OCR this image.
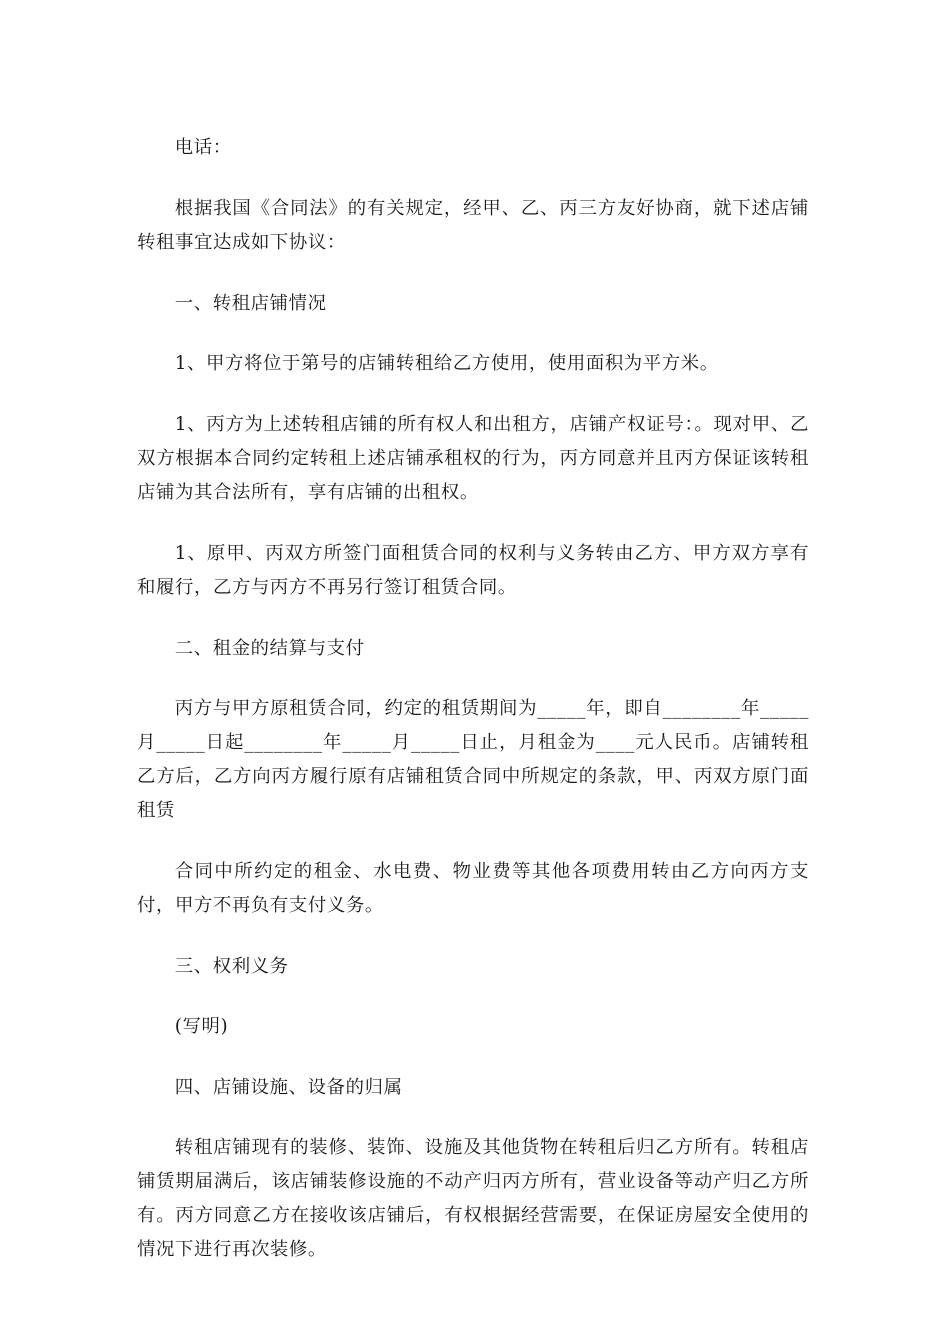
电话：

根据我国《合同法》的有关规定，经甲、乙、丙三方友好协商，就下述店铺转租事宜达成如下协议：

一、转租店铺情况

1、甲方将位于第号的店铺转租给乙方使用，使用面积为平方米。

1、丙方为上述转租店铺的所有权人和出租方，店铺产权证号：。现对甲、乙双方根据本合同约定转租上述店铺承租权的行为，丙方同意并且丙方保证该转租店铺为其合法所有，享有店铺的出租权。

1、原甲、丙双方所签门面租赁合同的权利与义务转由乙方、甲方双方享有和履行，乙方与丙方不再另行签订租赁合同。

二、租金的结算与支付

丙方与甲方原租赁合同，约定的租赁期间为_____年，即自________年_____月_____日起________年_____月_____日止，月租金为____元人民币。店铺转租乙方后，乙方向丙方履行原有店铺租赁合同中所规定的条款，甲、丙双方原门面租赁

合同中所约定的租金、水电费、物业费等其他各项费用转由乙方向丙方支付，甲方不再负有支付义务。

三、权利义务

(写明)

四、店铺设施、设备的归属

转租店铺现有的装修、装饰、设施及其他货物在转租后归乙方所有。转租店铺赁期届满后，该店铺装修设施的不动产归丙方所有，营业设备等动产归乙方所有。丙方同意乙方在接收该店铺后，有权根据经营需要，在保证房屋安全使用的情况下进行再次装修。
